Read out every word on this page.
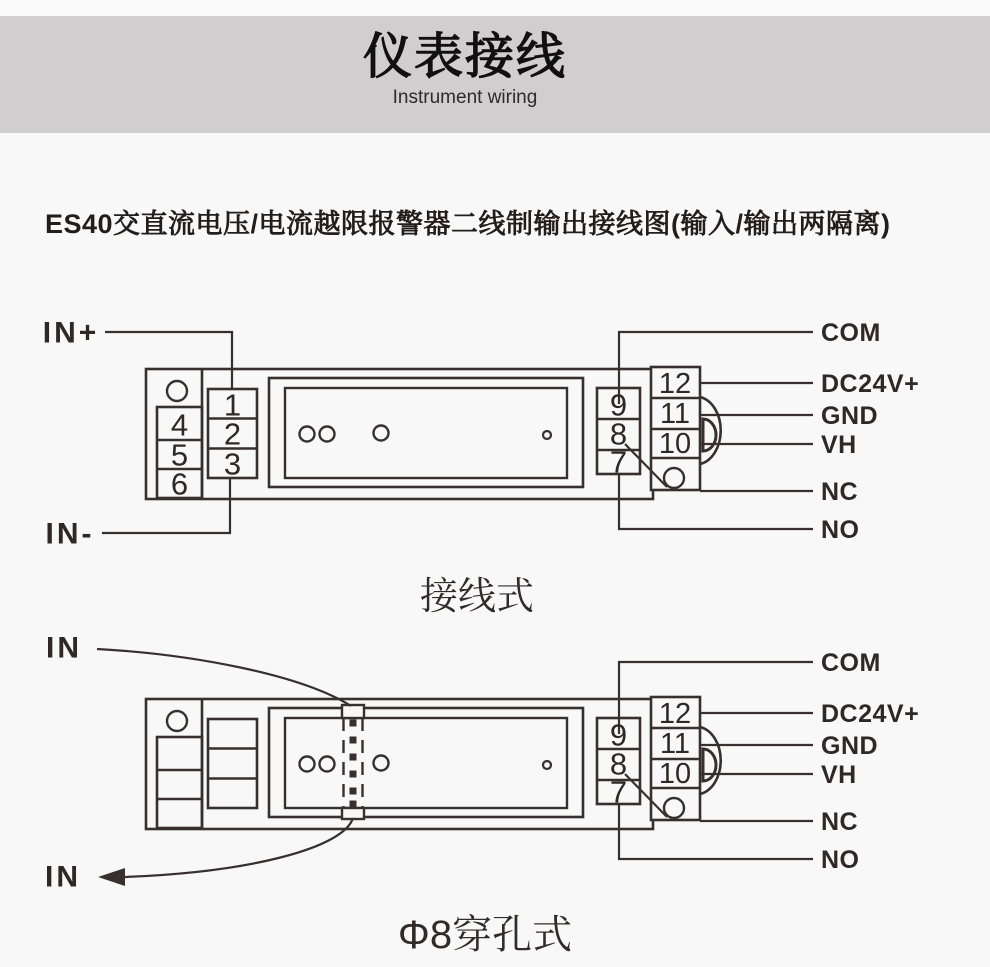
仪表接线
Instrument wiring
ES40交直流电压/电流越限报警器二线制输出接线图(输入/输出两隔离)
IN+
IN-
1
2
3
4
5
6
9
8
7
12
11
10
COM
DC24V+
GND
VH
NC
NO
接线式
IN
IN
9
8
7
12
11
10
COM
DC24V+
GND
VH
NC
NO
Φ8穿孔式
